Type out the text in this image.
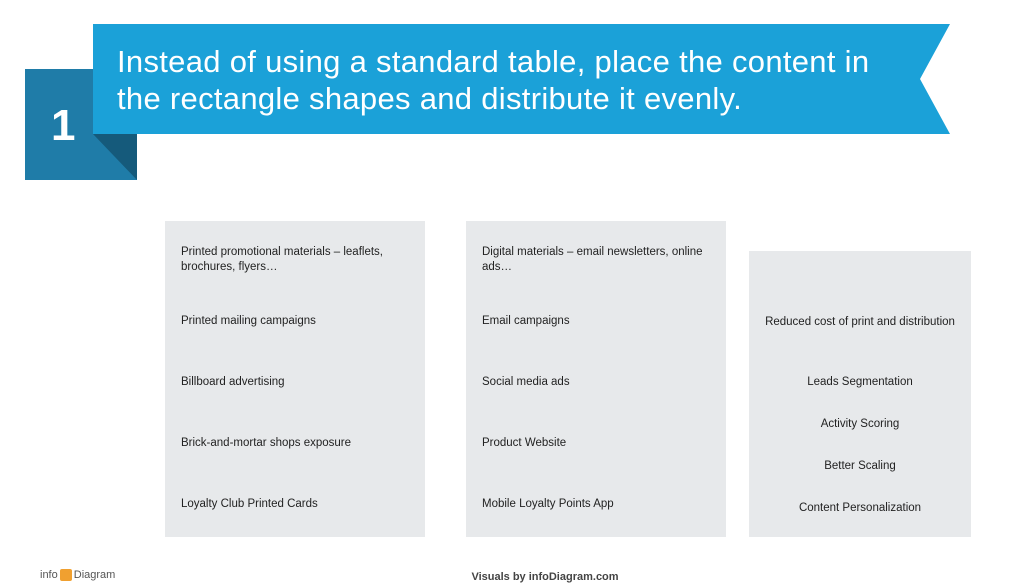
1
Instead of using a standard table, place the content in the rectangle shapes and distribute it evenly.
Printed promotional materials – leaflets, brochures, flyers…
Printed mailing campaigns
Billboard advertising
Brick-and-mortar shops exposure
Loyalty Club Printed Cards
Digital materials – email newsletters, online ads…
Email campaigns
Social media ads
Product Website
Mobile Loyalty Points App
Reduced cost of print and distribution
Leads Segmentation
Activity Scoring
Better Scaling
Content Personalization
info Diagram	Visuals by infoDiagram.com
